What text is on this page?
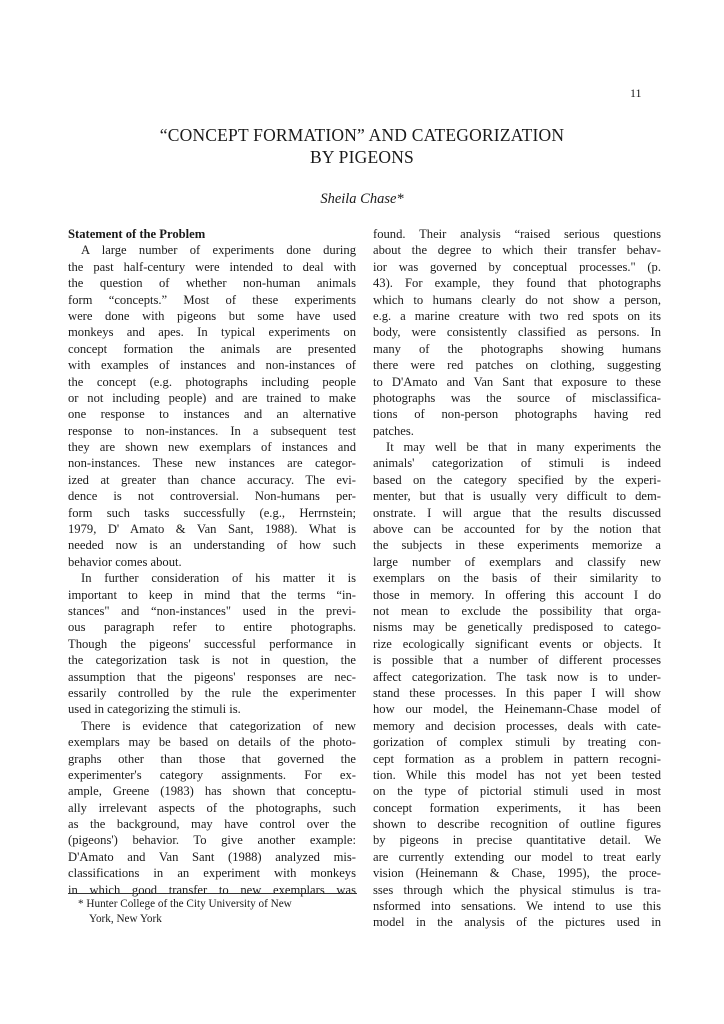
11
“CONCEPT FORMATION” AND CATEGORIZATION
BY PIGEONS
Sheila Chase*
Statement of the Problem
A large number of experiments done during
the past half-century were intended to deal with
the question of whether non-human animals
form “concepts.” Most of these experiments
were done with pigeons but some have used
monkeys and apes. In typical experiments on
concept formation the animals are presented
with examples of instances and non-instances of
the concept (e.g. photographs including people
or not including people) and are trained to make
one response to instances and an alternative
response to non-instances. In a subsequent test
they are shown new exemplars of instances and
non-instances. These new instances are categor-
ized at greater than chance accuracy. The evi-
dence is not controversial. Non-humans per-
form such tasks successfully (e.g., Herrnstein;
1979, D' Amato & Van Sant, 1988). What is
needed now is an understanding of how such
behavior comes about.
In further consideration of his matter it is
important to keep in mind that the terms “in-
stances" and “non-instances" used in the previ-
ous paragraph refer to entire photographs.
Though the pigeons' successful performance in
the categorization task is not in question, the
assumption that the pigeons' responses are nec-
essarily controlled by the rule the experimenter
used in categorizing the stimuli is.
There is evidence that categorization of new
exemplars may be based on details of the photo-
graphs other than those that governed the
experimenter's category assignments. For ex-
ample, Greene (1983) has shown that conceptu-
ally irrelevant aspects of the photographs, such
as the background, may have control over the
(pigeons') behavior. To give another example:
D'Amato and Van Sant (1988) analyzed mis-
classifications in an experiment with monkeys
in which good transfer to new exemplars was
found. Their analysis “raised serious questions
about the degree to which their transfer behav-
ior was governed by conceptual processes." (p.
43). For example, they found that photographs
which to humans clearly do not show a person,
e.g. a marine creature with two red spots on its
body, were consistently classified as persons. In
many of the photographs showing humans
there were red patches on clothing, suggesting
to D'Amato and Van Sant that exposure to these
photographs was the source of misclassifica-
tions of non-person photographs having red
patches.
It may well be that in many experiments the
animals' categorization of stimuli is indeed
based on the category specified by the experi-
menter, but that is usually very difficult to dem-
onstrate. I will argue that the results discussed
above can be accounted for by the notion that
the subjects in these experiments memorize a
large number of exemplars and classify new
exemplars on the basis of their similarity to
those in memory. In offering this account I do
not mean to exclude the possibility that orga-
nisms may be genetically predisposed to catego-
rize ecologically significant events or objects. It
is possible that a number of different processes
affect categorization. The task now is to under-
stand these processes. In this paper I will show
how our model, the Heinemann-Chase model of
memory and decision processes, deals with cate-
gorization of complex stimuli by treating con-
cept formation as a problem in pattern recogni-
tion. While this model has not yet been tested
on the type of pictorial stimuli used in most
concept formation experiments, it has been
shown to describe recognition of outline figures
by pigeons in precise quantitative detail. We
are currently extending our model to treat early
vision (Heinemann & Chase, 1995), the proce-
sses through which the physical stimulus is tra-
nsformed into sensations. We intend to use this
model in the analysis of the pictures used in
* Hunter College of the City University of New
York, New York
